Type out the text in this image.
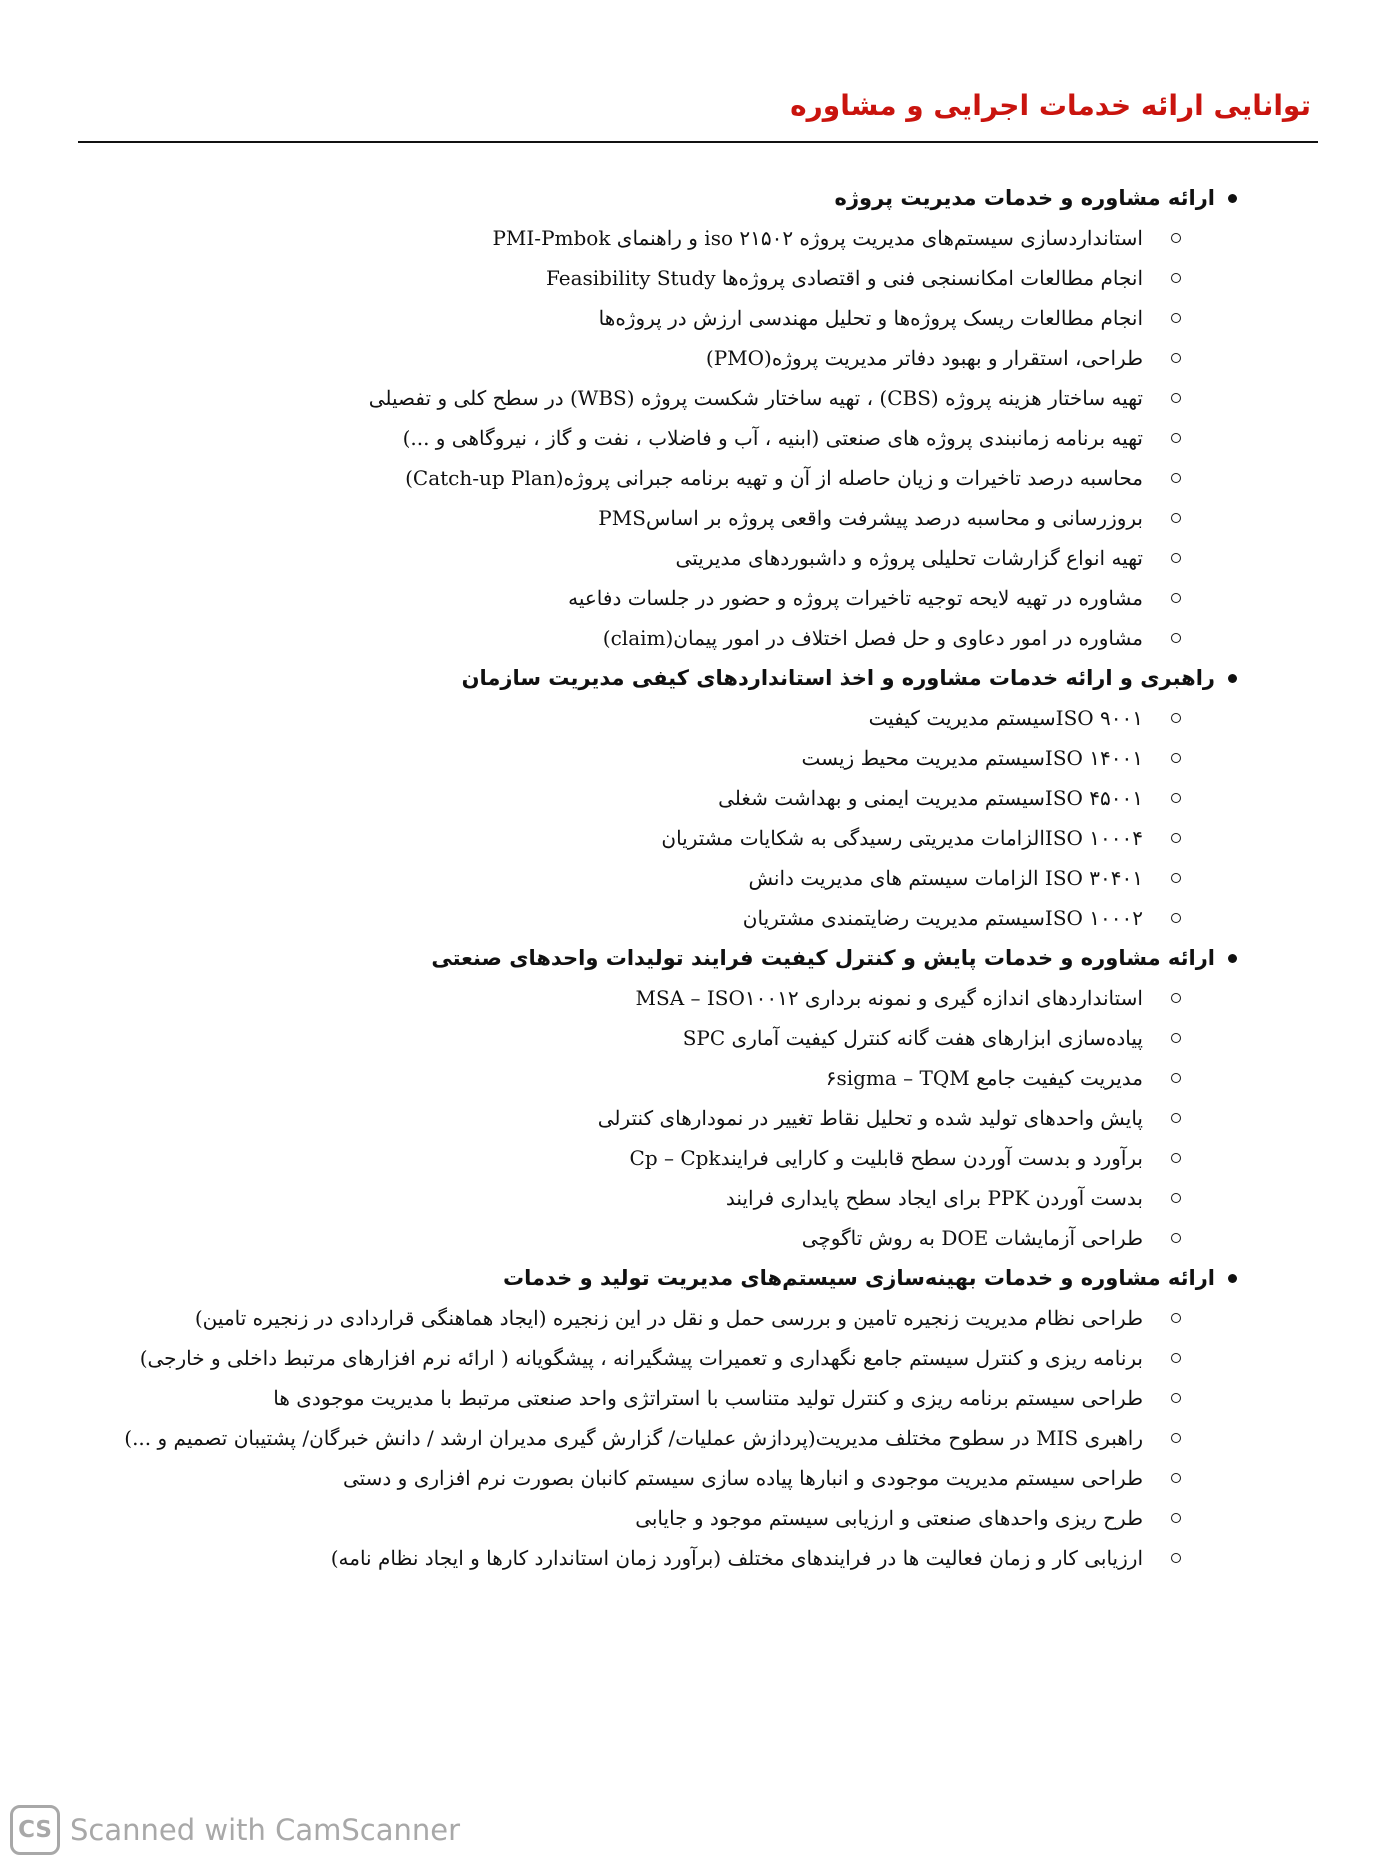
توانایی ارائه خدمات اجرایی و مشاوره
ارائه مشاوره و خدمات مدیریت پروژه
استانداردسازی سیستم‌های مدیریت پروژه iso ۲۱۵۰۲ و راهنمای PMI-Pmbok
انجام مطالعات امکانسنجی فنی و اقتصادی پروژه‌ها Feasibility Study
انجام مطالعات ریسک پروژه‌ها و تحلیل مهندسی ارزش در پروژه‌ها
طراحی، استقرار و بهبود دفاتر مدیریت پروژه(PMO)
تهیه ساختار هزینه پروژه (CBS) ، تهیه ساختار شکست پروژه (WBS) در سطح کلی و تفصیلی
تهیه برنامه زمانبندی پروژه های صنعتی (ابنیه ، آب و فاضلاب ، نفت و گاز ، نیروگاهی و ...)
محاسبه درصد تاخیرات و زیان حاصله از آن و تهیه برنامه جبرانی پروژه(Catch-up Plan)
بروزرسانی و محاسبه درصد پیشرفت واقعی پروژه بر اساسPMS
تهیه انواع گزارشات تحلیلی پروژه و داشبوردهای مدیریتی
مشاوره در تهیه لایحه توجیه تاخیرات پروژه و حضور در جلسات دفاعیه
مشاوره در امور دعاوی و حل فصل اختلاف در امور پیمان(claim)
راهبری و ارائه خدمات مشاوره و اخذ استانداردهای کیفی مدیریت سازمان
ISO ۹۰۰۱سیستم مدیریت کیفیت
ISO ۱۴۰۰۱سیستم مدیریت محیط زیست
ISO ۴۵۰۰۱سیستم مدیریت ایمنی و بهداشت شغلی
ISO ۱۰۰۰۴الزامات مدیریتی رسیدگی به شکایات مشتریان
ISO ۳۰۴۰۱ الزامات سیستم های مدیریت دانش
ISO ۱۰۰۰۲سیستم مدیریت رضایتمندی مشتریان
ارائه مشاوره و خدمات پایش و کنترل کیفیت فرایند تولیدات واحدهای صنعتی
استانداردهای اندازه گیری و نمونه برداری MSA – ISO۱۰۰۱۲
پیاده‌سازی ابزارهای هفت گانه کنترل کیفیت آماری SPC
مدیریت کیفیت جامع ۶sigma – TQM
پایش واحدهای تولید شده و تحلیل نقاط تغییر در نمودارهای کنترلی
برآورد و بدست آوردن سطح قابلیت و کارایی فرایندCp – Cpk
بدست آوردن PPK برای ایجاد سطح پایداری فرایند
طراحی آزمایشات DOE به روش تاگوچی
ارائه مشاوره و خدمات بهینه‌سازی سیستم‌های مدیریت تولید و خدمات
طراحی نظام مدیریت زنجیره تامین و بررسی حمل و نقل در این زنجیره (ایجاد هماهنگی قراردادی در زنجیره تامین)
برنامه ریزی و کنترل سیستم جامع نگهداری و تعمیرات پیشگیرانه ، پیشگویانه ( ارائه نرم افزارهای مرتبط داخلی و خارجی)
طراحی سیستم برنامه ریزی و کنترل تولید متناسب با استراتژی واحد صنعتی مرتبط با مدیریت موجودی ها
راهبری MIS در سطوح مختلف مدیریت(پردازش عملیات/ گزارش گیری مدیران ارشد / دانش خبرگان/ پشتیبان تصمیم و ...)
طراحی سیستم مدیریت موجودی و انبارها پیاده سازی سیستم کانبان بصورت نرم افزاری و دستی
طرح ریزی واحدهای صنعتی و ارزیابی سیستم موجود و جایابی
ارزیابی کار و زمان فعالیت ها در فرایندهای مختلف (برآورد زمان استاندارد کارها و ایجاد نظام نامه)
CS Scanned with CamScanner
